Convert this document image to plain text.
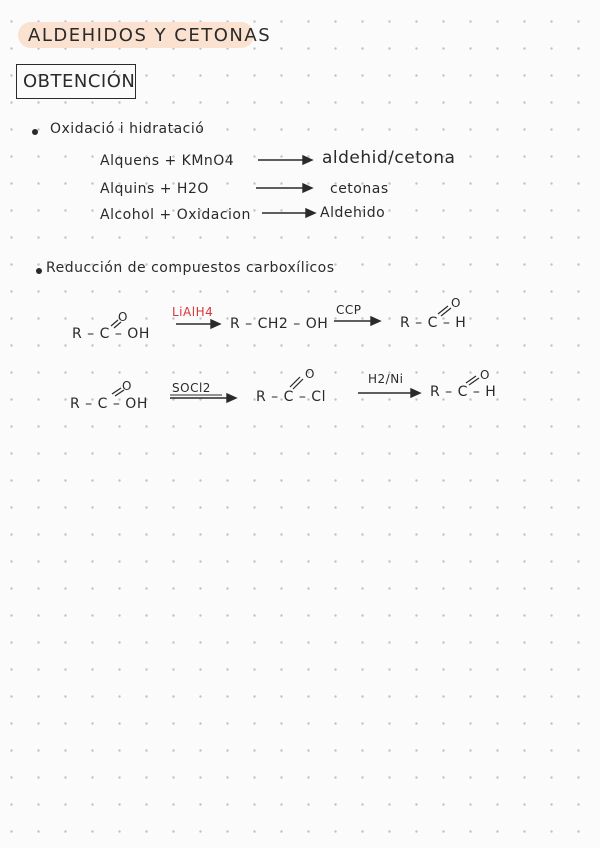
ALDEHIDOS Y CETONAS
OBTENCIÓN
Oxidació i hidratació
Alquens + KMnO4	aldehid/cetona
Alquins + H2O	cetonas
Alcohol + Oxidacion	Aldehido
Reducción de compuestos carboxílicos
R – C – OH
O	LiAlH4
R – CH2 – OH
CCP
R – C – H
O
R – C – OH
O	SOCl2
R – C – Cl
O	H2/Ni
R – C – H
O
